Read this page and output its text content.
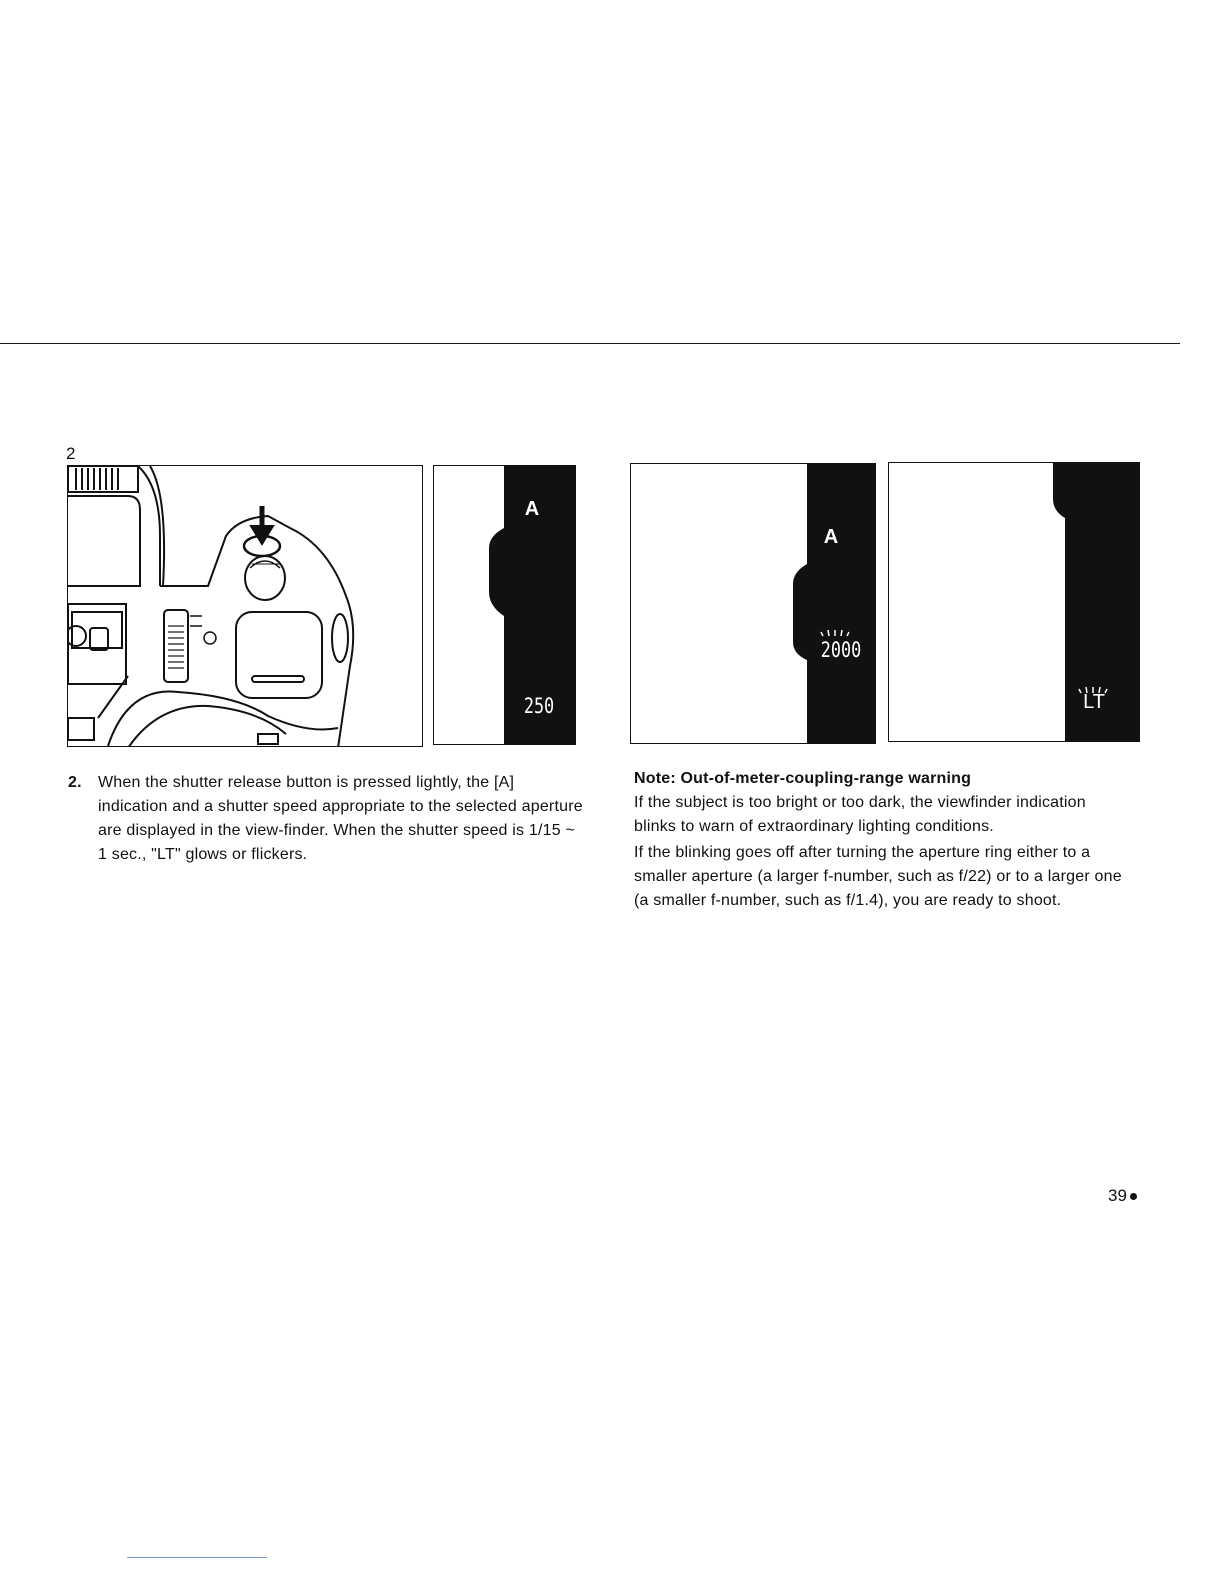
2
A
250
A
2000
LT
2. When the shutter release button is pressed lightly, the [A] indication and a shutter speed appropriate to the selected aperture are displayed in the view-finder. When the shutter speed is 1/15 ~ 1 sec., "LT" glows or flickers.
Note: Out-of-meter-coupling-range warning

If the subject is too bright or too dark, the viewfinder indication blinks to warn of extraordinary lighting conditions.

If the blinking goes off after turning the aperture ring either to a smaller aperture (a larger f-number, such as f/22) or to a larger one (a smaller f-number, such as f/1.4), you are ready to shoot.

39
